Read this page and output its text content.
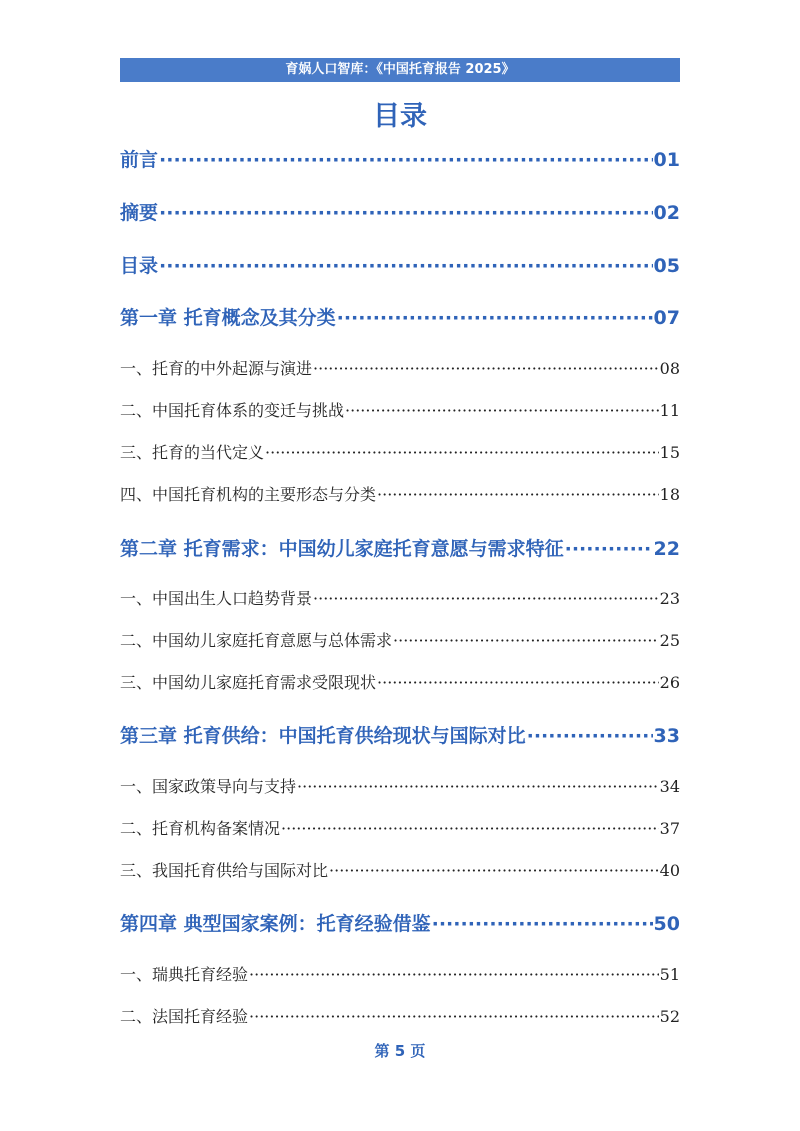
育娲人口智库：《中国托育报告 2025》
目录
前言 ·····	01
摘要 ·····	02
目录 ·····	05
第一章 托育概念及其分类 ·····	07
一、托育的中外起源与演进 ·····	08
二、中国托育体系的变迁与挑战 ·····	11
三、托育的当代定义 ·····	15
四、中国托育机构的主要形态与分类 ·····	18
第二章 托育需求：中国幼儿家庭托育意愿与需求特征 ·····	22
一、中国出生人口趋势背景 ·····	23
二、中国幼儿家庭托育意愿与总体需求 ·····	25
三、中国幼儿家庭托育需求受限现状 ·····	26
第三章 托育供给：中国托育供给现状与国际对比 ·····	33
一、国家政策导向与支持 ·····	34
二、托育机构备案情况 ·····	37
三、我国托育供给与国际对比 ·····	40
第四章 典型国家案例：托育经验借鉴 ·····	50
一、瑞典托育经验 ·····	51
二、法国托育经验 ·····	52
第 5 页
